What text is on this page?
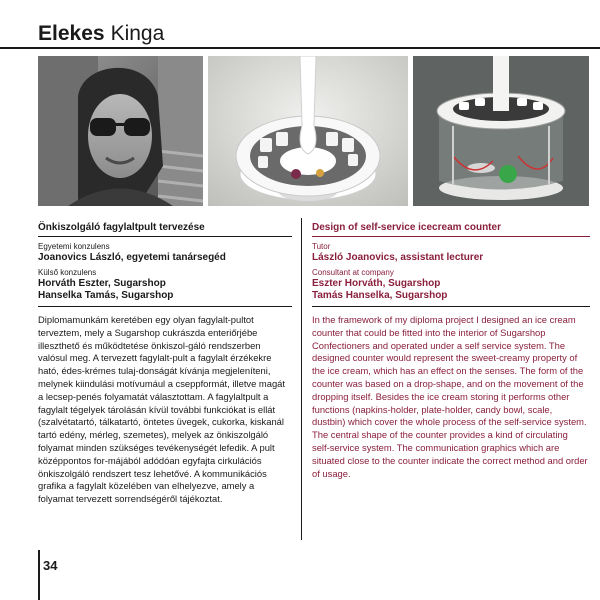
Elekes Kinga
Önkiszolgáló fagylaltpult tervezése
Egyetemi konzulens
Joanovics László, egyetemi tanársegéd
Külső konzulens
Horváth Eszter, Sugarshop
Hanselka Tamás, Sugarshop
Design of self-service icecream counter
Tutor
László Joanovics, assistant lecturer
Consultant at company
Eszter Horváth, Sugarshop
Tamás Hanselka, Sugarshop
Diplomamunkám keretében egy olyan fagylalt-pultot terveztem, mely a Sugarshop cukrászda enteriőrjébe illeszthető és működtetése önkiszol-gáló rendszerben valósul meg. A tervezett fagylalt-pult a fagylalt érzékekre ható, édes-krémes tulaj-donságát kívánja megjeleníteni, melynek kiindulási motívumául a cseppformát, illetve magát a lecsep-penés folyamatát választottam. A fagylaltpult a fagylalt tégelyek tárolásán kívül további funkciókat is ellát (szalvétatartó, tálkatartó, öntetes üvegek, cukorka, kiskanál tartó edény, mérleg, szemetes), melyek az önkiszolgáló folyamat minden szükséges tevékenységét lefedik. A pult középpontos for-májából adódóan egyfajta cirkulációs önkiszolgáló rendszert tesz lehetővé. A kommunikációs grafika a fagylalt közelében van elhelyezve, amely a folyamat tervezett sorrendségéről tájékoztat.
In the framework of my diploma project I designed an ice cream counter that could be fitted into the interior of Sugarshop Confectioners and operated under a self service system. The designed counter would represent the sweet-creamy property of the ice cream, which has an effect on the senses. The form of the counter was based on a drop-shape, and on the movement of the dropping itself. Besides the ice cream storing it performs other functions (napkins-holder, plate-holder, candy bowl, scale, dustbin) which cover the whole process of the self-service system. The central shape of the counter provides a kind of circulating self-service system. The communication graphics which are situated close to the counter indicate the correct method and order of usage.
34
